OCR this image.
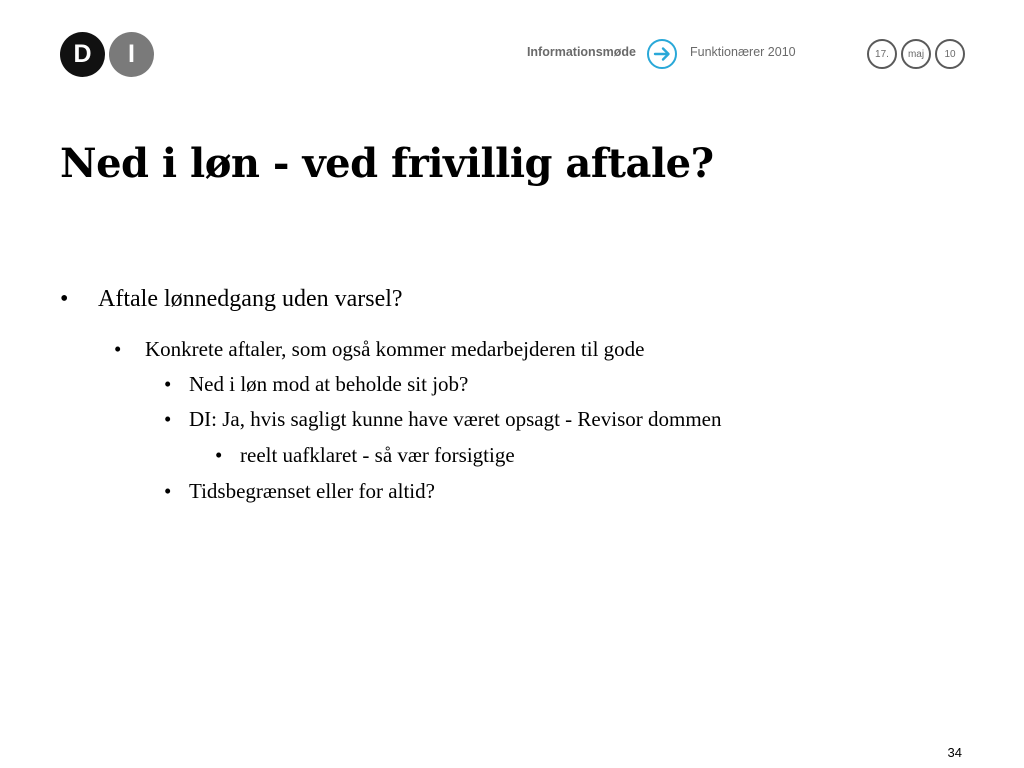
D	I	Informationsmøde	Funktionærer 2010	17.	maj	10
Ned i løn - ved frivillig aftale?
• Aftale lønnedgang uden varsel?
• Konkrete aftaler, som også kommer medarbejderen til gode
• Ned i løn mod at beholde sit job?
• DI: Ja, hvis sagligt kunne have været opsagt - Revisor dommen
• reelt uafklaret - så vær forsigtige
• Tidsbegrænset eller for altid?
34
